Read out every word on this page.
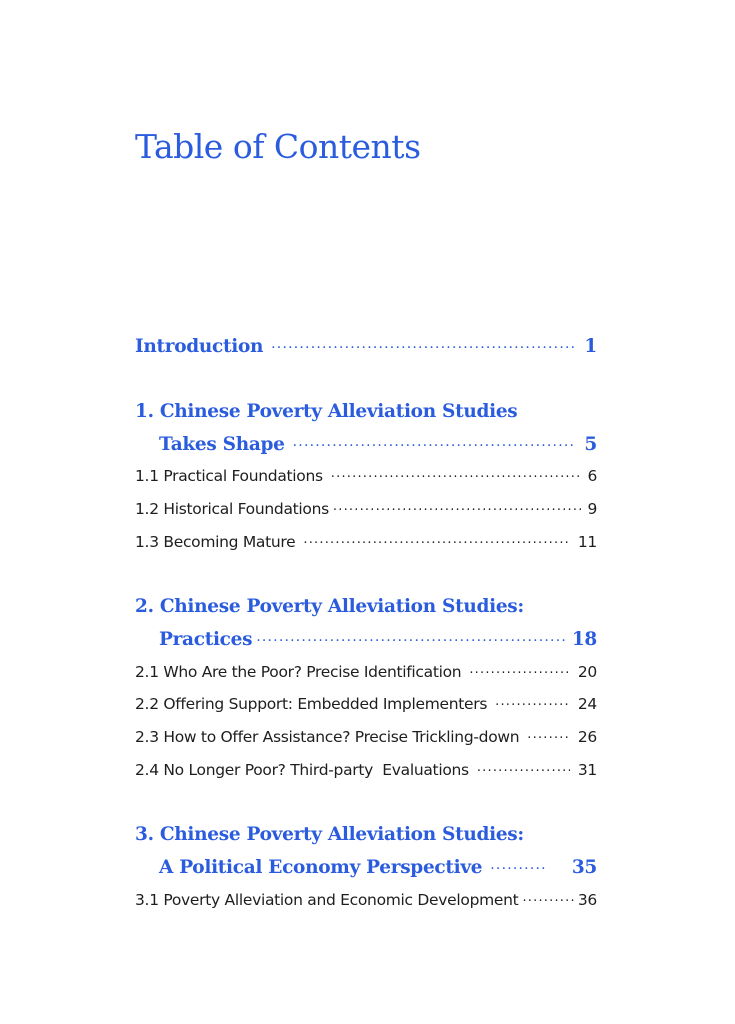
Table of Contents
Introduction ·····	1
1. Chinese Poverty Alleviation Studies
Takes Shape ·····	5
1.1 Practical Foundations ·····	6
1.2 Historical Foundations ·····	9
1.3 Becoming Mature ·····	11
2. Chinese Poverty Alleviation Studies:
Practices ·····	18
2.1 Who Are the Poor? Precise Identification ·····	20
2.2 Offering Support: Embedded Implementers ·····	24
2.3 How to Offer Assistance? Precise Trickling-down ·····	26
2.4 No Longer Poor? Third-party  Evaluations ·····	31
3. Chinese Poverty Alleviation Studies:
A Political Economy Perspective ·····	35
3.1 Poverty Alleviation and Economic Development ·····	36
